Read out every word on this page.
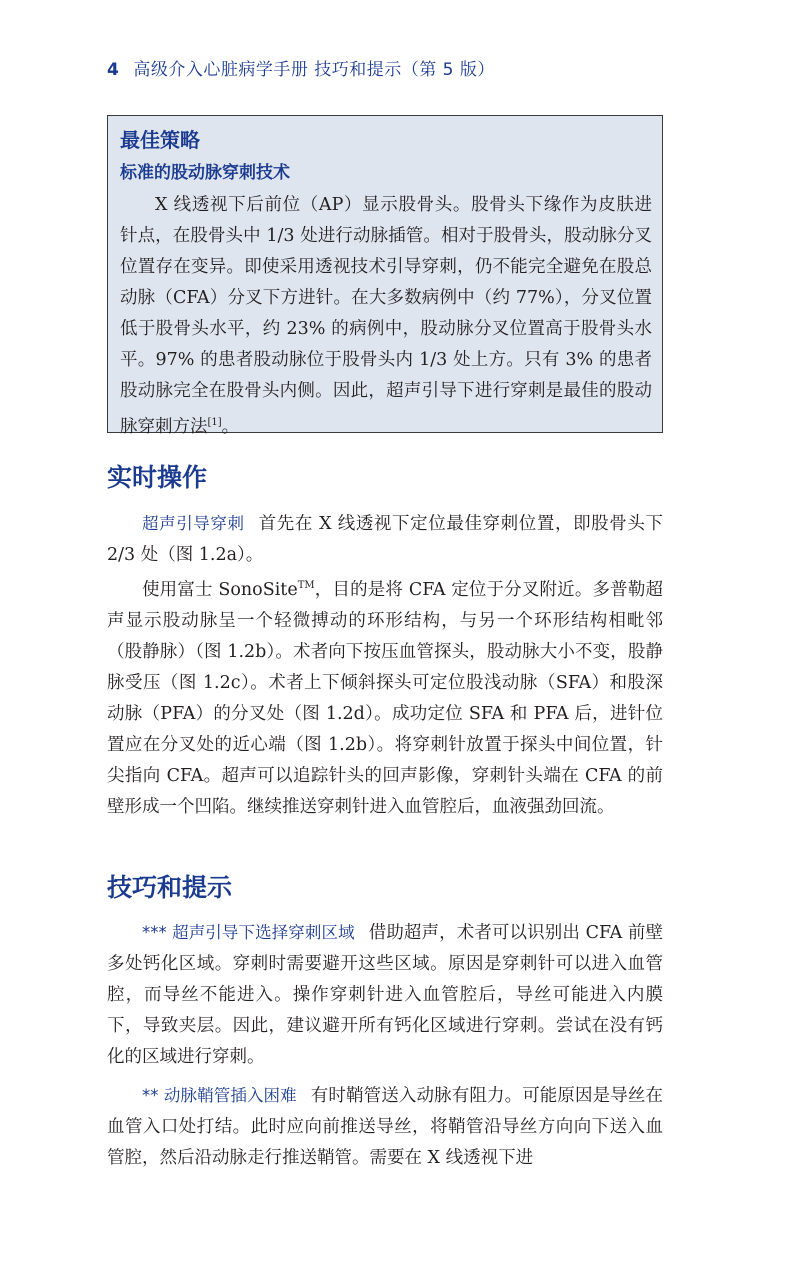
4 高级介入心脏病学手册 技巧和提示（第 5 版）
最佳策略
标准的股动脉穿刺技术

X 线透视下后前位（AP）显示股骨头。股骨头下缘作为皮肤进针点，在股骨头中 1/3 处进行动脉插管。相对于股骨头，股动脉分叉位置存在变异。即使采用透视技术引导穿刺，仍不能完全避免在股总动脉（CFA）分叉下方进针。在大多数病例中（约 77%），分叉位置低于股骨头水平，约 23% 的病例中，股动脉分叉位置高于股骨头水平。97% 的患者股动脉位于股骨头内 1/3 处上方。只有 3% 的患者股动脉完全在股骨头内侧。因此，超声引导下进行穿刺是最佳的股动脉穿刺方法[1]。

实时操作

超声引导穿刺 首先在 X 线透视下定位最佳穿刺位置，即股骨头下 2/3 处（图 1.2a）。

使用富士 SonoSite™，目的是将 CFA 定位于分叉附近。多普勒超声显示股动脉呈一个轻微搏动的环形结构，与另一个环形结构相毗邻（股静脉）（图 1.2b）。术者向下按压血管探头，股动脉大小不变，股静脉受压（图 1.2c）。术者上下倾斜探头可定位股浅动脉（SFA）和股深动脉（PFA）的分叉处（图 1.2d）。成功定位 SFA 和 PFA 后，进针位置应在分叉处的近心端（图 1.2b）。将穿刺针放置于探头中间位置，针尖指向 CFA。超声可以追踪针头的回声影像，穿刺针头端在 CFA 的前壁形成一个凹陷。继续推送穿刺针进入血管腔后，血液强劲回流。

技巧和提示

*** 超声引导下选择穿刺区域 借助超声，术者可以识别出 CFA 前壁多处钙化区域。穿刺时需要避开这些区域。原因是穿刺针可以进入血管腔，而导丝不能进入。操作穿刺针进入血管腔后，导丝可能进入内膜下，导致夹层。因此，建议避开所有钙化区域进行穿刺。尝试在没有钙化的区域进行穿刺。

** 动脉鞘管插入困难 有时鞘管送入动脉有阻力。可能原因是导丝在血管入口处打结。此时应向前推送导丝，将鞘管沿导丝方向向下送入血管腔，然后沿动脉走行推送鞘管。需要在 X 线透视下进
